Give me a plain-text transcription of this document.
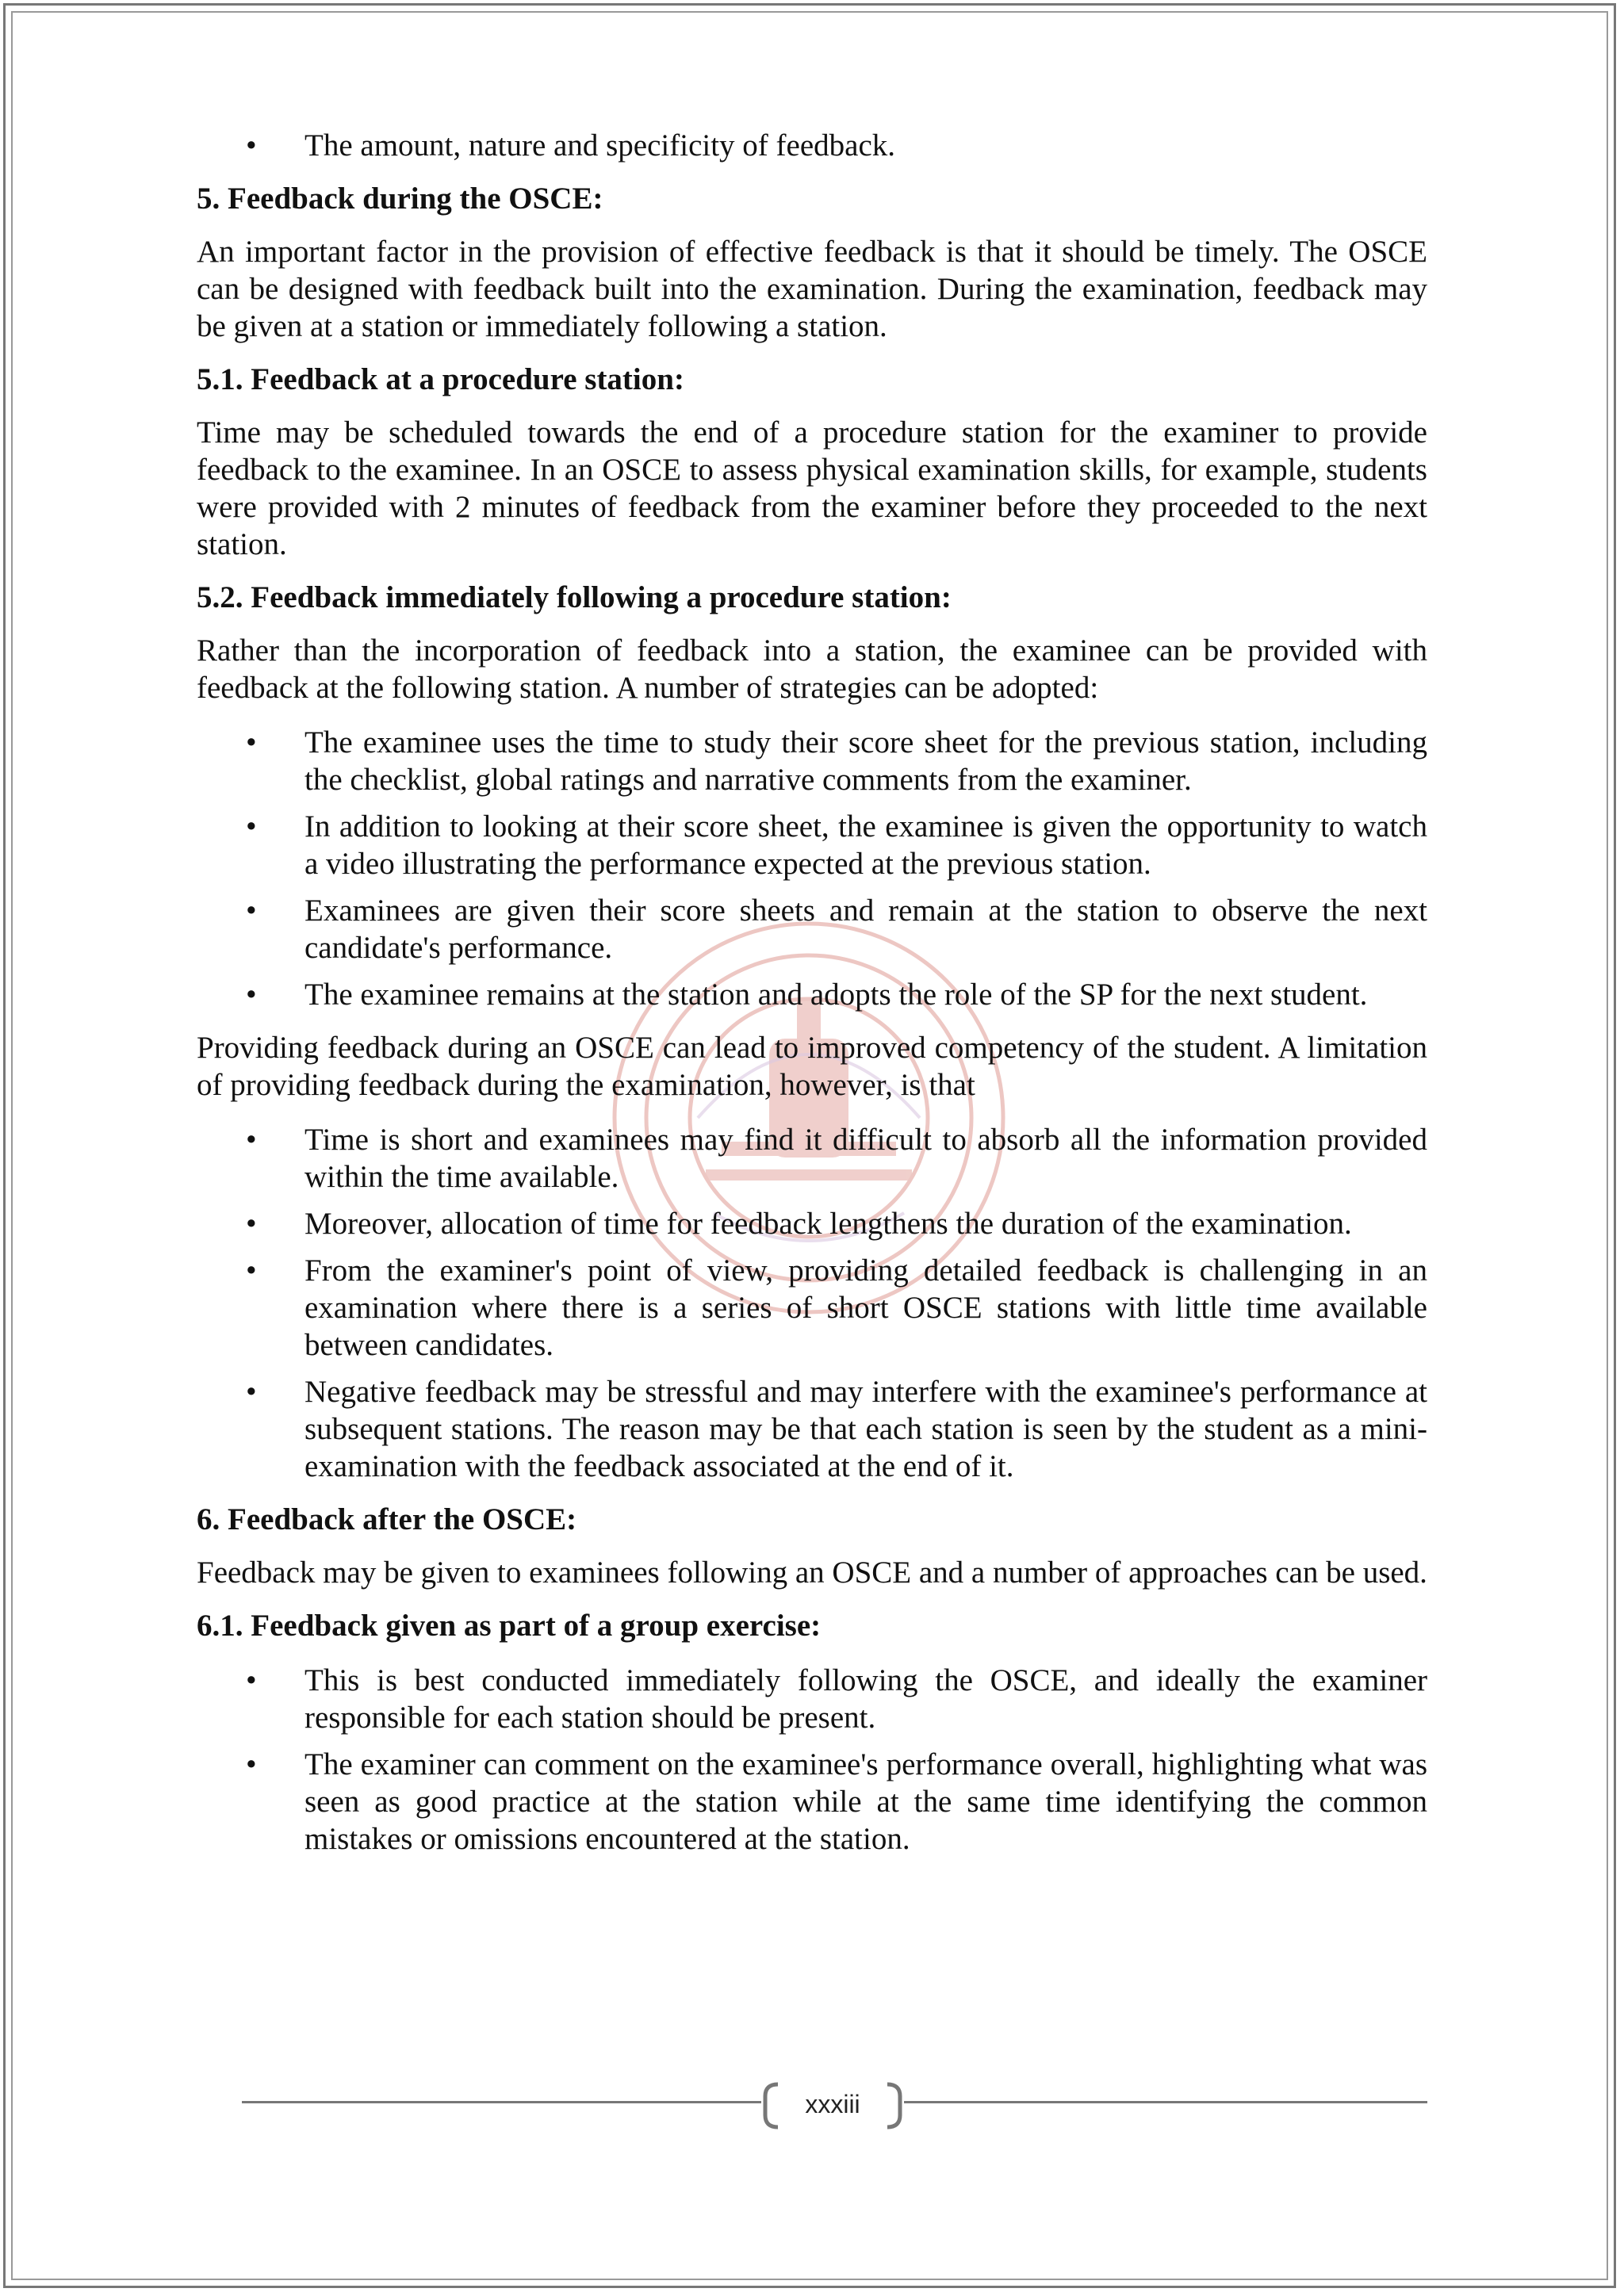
• The amount, nature and specificity of feedback.

5. Feedback during the OSCE:

An important factor in the provision of effective feedback is that it should be timely. The OSCE can be designed with feedback built into the examination. During the examination, feedback may be given at a station or immediately following a station.

5.1. Feedback at a procedure station:

Time may be scheduled towards the end of a procedure station for the examiner to provide feedback to the examinee. In an OSCE to assess physical examination skills, for example, students were provided with 2 minutes of feedback from the examiner before they proceeded to the next station.

5.2. Feedback immediately following a procedure station:

Rather than the incorporation of feedback into a station, the examinee can be provided with feedback at the following station. A number of strategies can be adopted:

• The examinee uses the time to study their score sheet for the previous station, including the checklist, global ratings and narrative comments from the examiner.
• In addition to looking at their score sheet, the examinee is given the opportunity to watch a video illustrating the performance expected at the previous station.
• Examinees are given their score sheets and remain at the station to observe the next candidate's performance.
• The examinee remains at the station and adopts the role of the SP for the next student.

Providing feedback during an OSCE can lead to improved competency of the student. A limitation of providing feedback during the examination, however, is that

• Time is short and examinees may find it difficult to absorb all the information provided within the time available.
• Moreover, allocation of time for feedback lengthens the duration of the examination.
• From the examiner's point of view, providing detailed feedback is challenging in an examination where there is a series of short OSCE stations with little time available between candidates.
• Negative feedback may be stressful and may interfere with the examinee's performance at subsequent stations. The reason may be that each station is seen by the student as a mini-examination with the feedback associated at the end of it.

6. Feedback after the OSCE:

Feedback may be given to examinees following an OSCE and a number of approaches can be used.

6.1. Feedback given as part of a group exercise:

• This is best conducted immediately following the OSCE, and ideally the examiner responsible for each station should be present.
• The examiner can comment on the examinee's performance overall, highlighting what was seen as good practice at the station while at the same time identifying the common mistakes or omissions encountered at the station.
xxxiii
